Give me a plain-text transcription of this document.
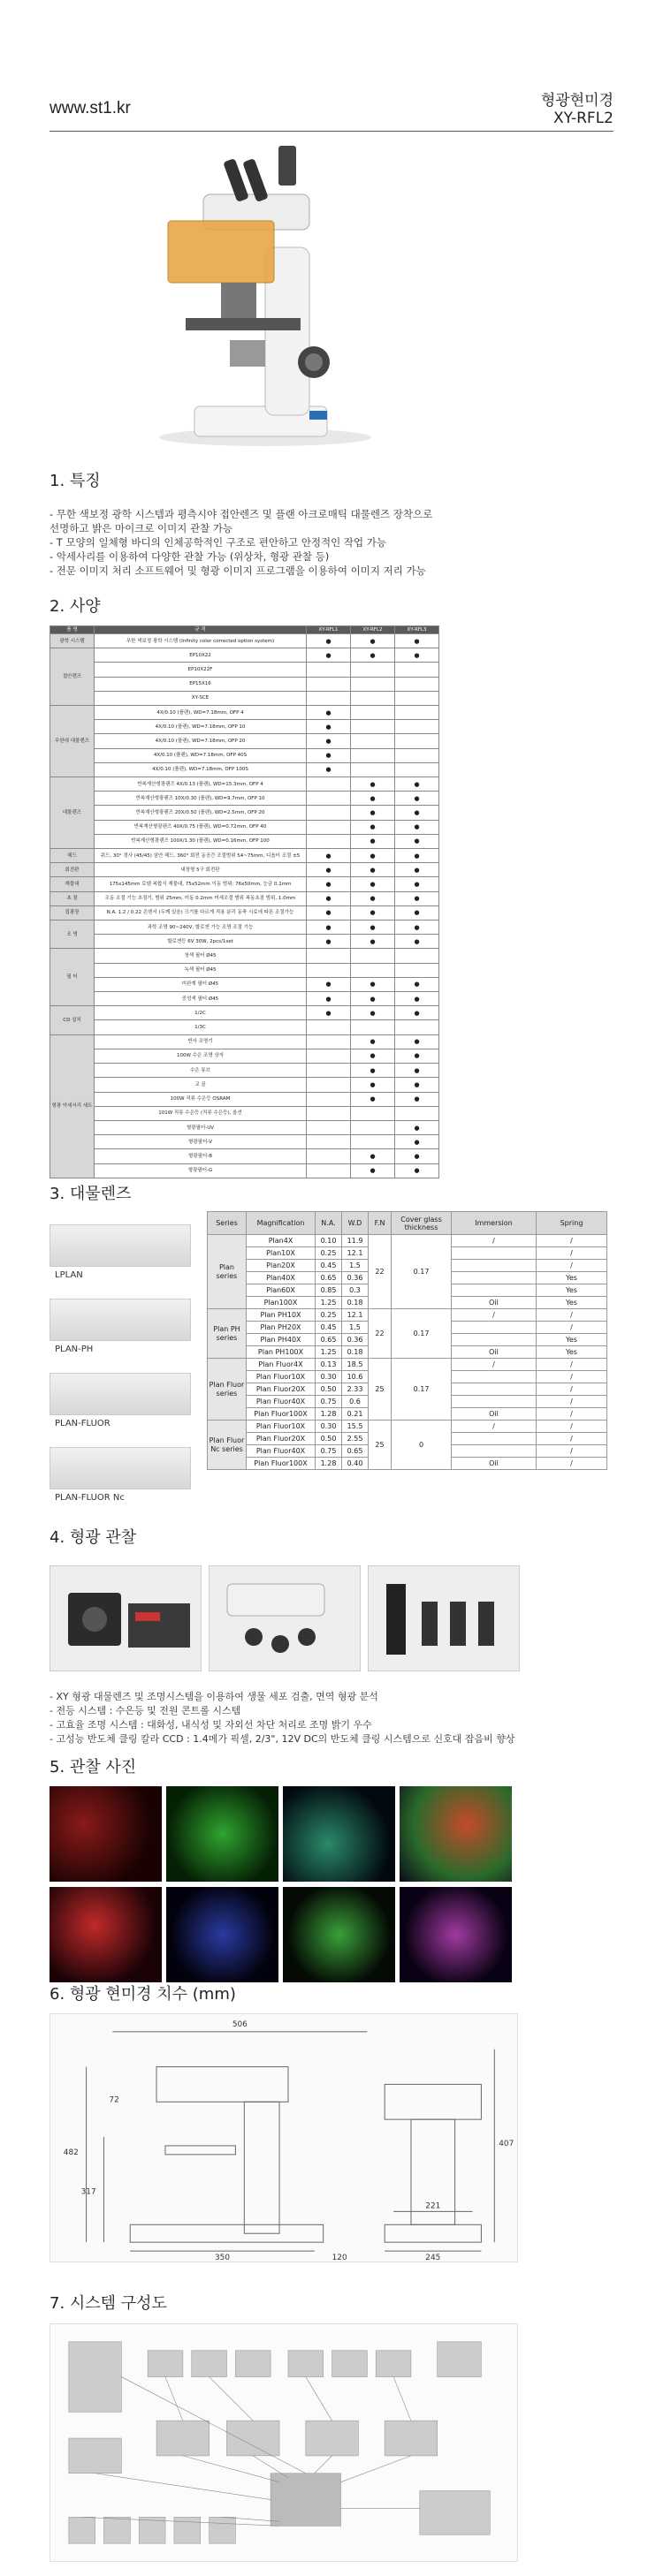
www.st1.kr	형광현미경
XY-RFL2
1. 특징
- 무한 색보정 광학 시스템과 평측시야 접안렌즈 및 플랜 아크로매틱 대물렌즈 장착으로
선명하고 밝은 마이크로 이미지 관찰 가능
- T 모양의 일체형 바디의 인체공학적인 구조로 편안하고 안정적인 작업 가능
- 악세사리를 이용하여 다양한 관찰 가능 (위상차, 형광 관찰 등)
- 전문 이미지 처리 소프트웨어 및 형광 이미지 프로그램을 이용하여 이미지 저리 가능
2. 사양
품 명	규 격	XY-RFL1	XY-RFL2	XY-RFL3
광학 시스템	무한 색보정 광학 시스템 (Infinity color corrected option system)	●	●	●
접안렌즈	EP10X22	●	●	●
	EP10X22F			
	EP15X16			
	XY-SCE			
무한대 대물렌즈	4X/0.10 (플랜), WD=7.18mm, OFP 4	●		
	4X/0.10 (플랜), WD=7.18mm, OFP 10	●		
	4X/0.10 (플랜), WD=7.18mm, OFP 20	●		
	4X/0.10 (플랜), WD=7.18mm, OFP 40S	●		
	4X/0.10 (플랜), WD=7.18mm, OFP 100S	●		
대물렌즈	반복재산형광랜즈 4X/0.13 (플랜), WD=15.3mm, OFP 4		●	●
	반복재산형광랜즈 10X/0.30 (플랜), WD=9.7mm, OFP 10		●	●
	반복재산형광랜즈 20X/0.50 (플랜), WD=2.5mm, OFP 20		●	●
	반복재산형광랜즈 40X/0.75 (플랜), WD=0.72mm, OFP 40		●	●
	반복재산형광랜즈 100X/1.30 (플랜), WD=0.16mm, OFP 100		●	●
헤드	쿼드, 30° 경사 (45/45) 삼안 헤드, 360° 회전 동공간 조절범위 54~75mm, 디옵터 조절 ±5	●	●	●
회전판	내장형 5구 회전판	●	●	●
재물대	175x145mm 로뎀 복합식 재물대, 75x52mm 이동 범위: 76x50mm, 눈금 0.1mm	●	●	●
초 점	조동 조절 기능 초점기, 범위 25mm, 미동 0.2mm 미세조절 범위 복동초점 범위, 1.0mm	●	●	●
집광장	N.A. 1.2 / 0.22 콘덴서 (두께 있음) 크기를 다르게 적용 분리 동축 시료에 따른 조절가능	●	●	●
조 명	과학 조명 90~240V, 할로겐 가능 조명 조절 기능	●	●	●
	할로겐등 6V 30W, 2pcs/1set	●	●	●
필 터	청색 필터 Ø45			
	녹색 필터 Ø45			
	미완계 필터 Ø45	●	●	●
	중성색 필터 Ø45	●	●	●
CD 설치	1/2C	●	●	●
	1/3C			
형광 악세서리 세트	반사 조명기		●	●
	100W 수은 조명 상자		●	●
	수은 튜브		●	●
	교 골		●	●
	100W 직류 수은등 OSRAM		●	●
	101W 직류 수은등 (직류 수은등), 옵션			
	형광필터-UV			●
	형광필터-V			●
	형광필터-B		●	●
	형광필터-G		●	●
3. 대물렌즈
LPLAN
PLAN-PH
PLAN-FLUOR
PLAN-FLUOR Nc
Series	Magnification	N.A.	W.D	F.N	Cover glass thickness	Immersion	Spring
Plan series	Plan4X	0.10	11.9	22	0.17	/	/
	Plan10X	0.25	12.1				/
	Plan20X	0.45	1.5				/
	Plan40X	0.65	0.36				Yes
	Plan60X	0.85	0.3				Yes
	Plan100X	1.25	0.18			Oil	Yes
Plan PH series	Plan PH10X	0.25	12.1	22	0.17	/	/
	Plan PH20X	0.45	1.5				/
	Plan PH40X	0.65	0.36				Yes
	Plan PH100X	1.25	0.18			Oil	Yes
Plan Fluor series	Plan Fluor4X	0.13	18.5	25	0.17	/	/
	Plan Fluor10X	0.30	10.6				/
	Plan Fluor20X	0.50	2.33				/
	Plan Fluor40X	0.75	0.6				/
	Plan Fluor100X	1.28	0.21			Oil	/
Plan Fluor Nc series	Plan Fluor10X	0.30	15.5	25	0	/	/
	Plan Fluor20X	0.50	2.55				/
	Plan Fluor40X	0.75	0.65				/
	Plan Fluor100X	1.28	0.40			Oil	/
4. 형광 관찰
- XY 형광 대물렌즈 및 조명시스템을 이용하여 생물 세포 검출, 면역 형광 분석
- 전등 시스템 : 수은등 및 전원 콘트롤 시스템
- 고효율 조명 시스템 : 대화성, 내식성 및 자외선 차단 처리로 조명 밝기 우수
- 고성능 반도체 클링 칼라 CCD : 1.4메가 픽셀, 2/3", 12V DC의 반도체 클링 시스템으로 신호대 잡음비 향상
5. 관찰 사진
6. 형광 현미경 치수 (mm)
506
72
482
317
350	120
407
221
245
7. 시스템 구성도
